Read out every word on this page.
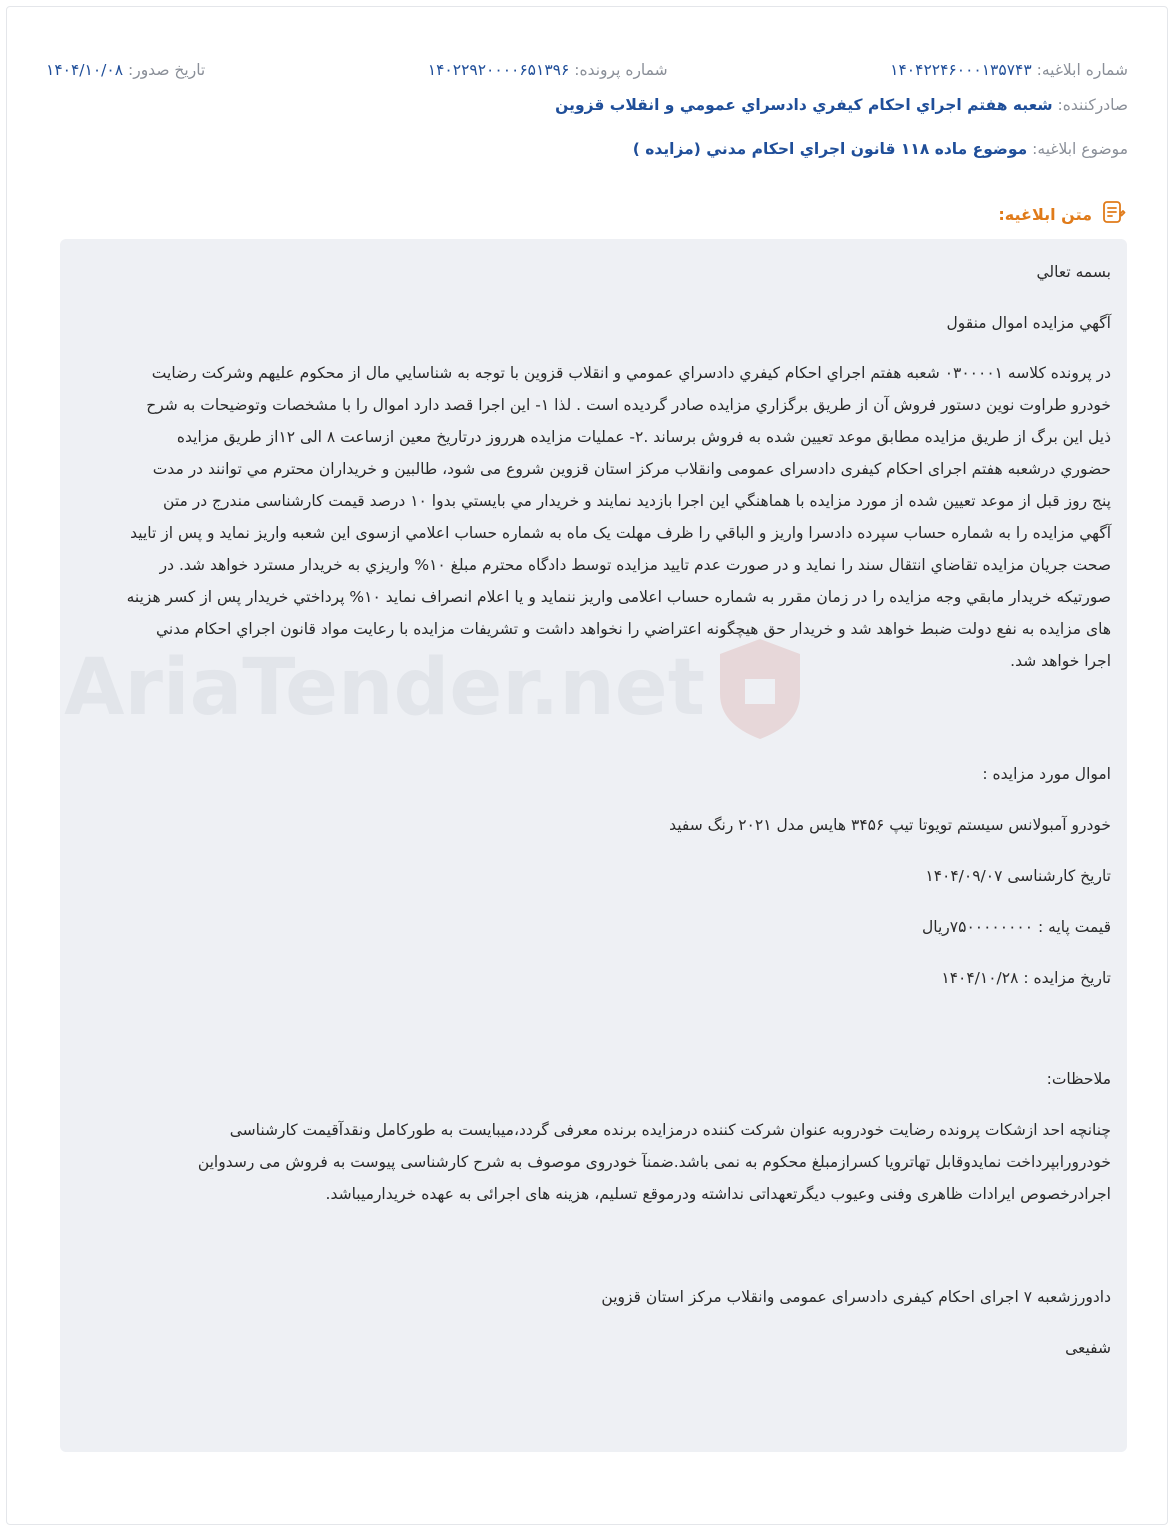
شماره ابلاغيه: ۱۴۰۴۲۲۴۶۰۰۰۱۳۵۷۴۳
شماره پرونده: ۱۴۰۲۲۹۲۰۰۰۰۶۵۱۳۹۶
تاريخ صدور: ۱۴۰۴/۱۰/۰۸
صادرکننده: شعبه هفتم اجراي احکام کيفري دادسراي عمومي و انقلاب قزوين
موضوع ابلاغيه: موضوع ماده ۱۱۸ قانون اجراي احکام مدني (مزايده )
متن ابلاغيه:
AriaTender.net
بسمه تعالي
آگهي مزايده اموال منقول
در پرونده کلاسه ۰۳۰۰۰۰۱ شعبه هفتم اجراي احکام کيفري دادسراي عمومي و انقلاب قزوين با توجه به شناسايي مال از محکوم عليهم وشرکت رضايت
خودرو طراوت نوين دستور فروش آن از طريق برگزاري مزايده صادر گرديده است . لذا ۱- اين اجرا قصد دارد اموال را با مشخصات وتوضيحات به شرح
ذيل اين برگ از طريق مزايده مطابق موعد تعيين شده به فروش برساند .۲- عمليات مزايده هرروز درتاريخ معين ازساعت ۸ الی ۱۲از طريق مزايده
حضوري درشعبه هفتم اجرای احکام کيفری دادسرای عمومی وانقلاب مرکز استان قزوين شروع می شود، طالبين و خريداران محترم مي توانند در مدت
پنج روز قبل از موعد تعيين شده از مورد مزايده با هماهنگي اين اجرا بازديد نمايند و خريدار مي بايستي بدوا ۱۰ درصد قيمت کارشناسی مندرج در متن
آگهي مزايده را به شماره حساب سپرده دادسرا واريز و الباقي را ظرف مهلت يک ماه به شماره حساب اعلامي ازسوی اين شعبه واريز نمايد و پس از تاييد
صحت جريان مزايده تقاضاي انتقال سند را نمايد و در صورت عدم تاييد مزايده توسط دادگاه محترم مبلغ ۱۰% واريزي به خريدار مسترد خواهد شد. در
صورتيکه خريدار مابقي وجه مزايده را در زمان مقرر به شماره حساب اعلامی واريز ننمايد و يا اعلام انصراف نمايد ۱۰% پرداختي خريدار پس از کسر هزينه
های مزايده به نفع دولت ضبط خواهد شد و خريدار حق هيچگونه اعتراضي را نخواهد داشت و تشريفات مزايده با رعايت مواد قانون اجراي احکام مدني
اجرا خواهد شد.
اموال مورد مزايده :
خودرو آمبولانس سيستم تويوتا تيپ ۳۴۵۶ هايس مدل ۲۰۲۱ رنگ سفيد
تاريخ کارشناسی ۱۴۰۴/۰۹/۰۷
قيمت پايه : ۷۵۰۰۰۰۰۰۰۰ريال
تاريخ مزايده : ۱۴۰۴/۱۰/۲۸
ملاحظات:
چنانچه احد ازشکات پرونده رضايت خودروبه عنوان شرکت کننده درمزايده برنده معرفی گردد،ميبايست به طورکامل ونقدآقيمت کارشناسی
خودرورابپرداخت نمايدوقابل تهاترويا کسرازمبلغ محکوم به نمی باشد.ضمنآ خودروی موصوف به شرح کارشناسی پيوست به فروش می رسدواين
اجرادرخصوص ايرادات ظاهری وفنی وعيوب ديگرتعهداتی نداشته ودرموقع تسليم، هزينه های اجرائی به عهده خريدارميباشد.
دادورزشعبه ۷ اجرای احکام کيفری دادسرای عمومی وانقلاب مرکز استان قزوين
شفيعی
